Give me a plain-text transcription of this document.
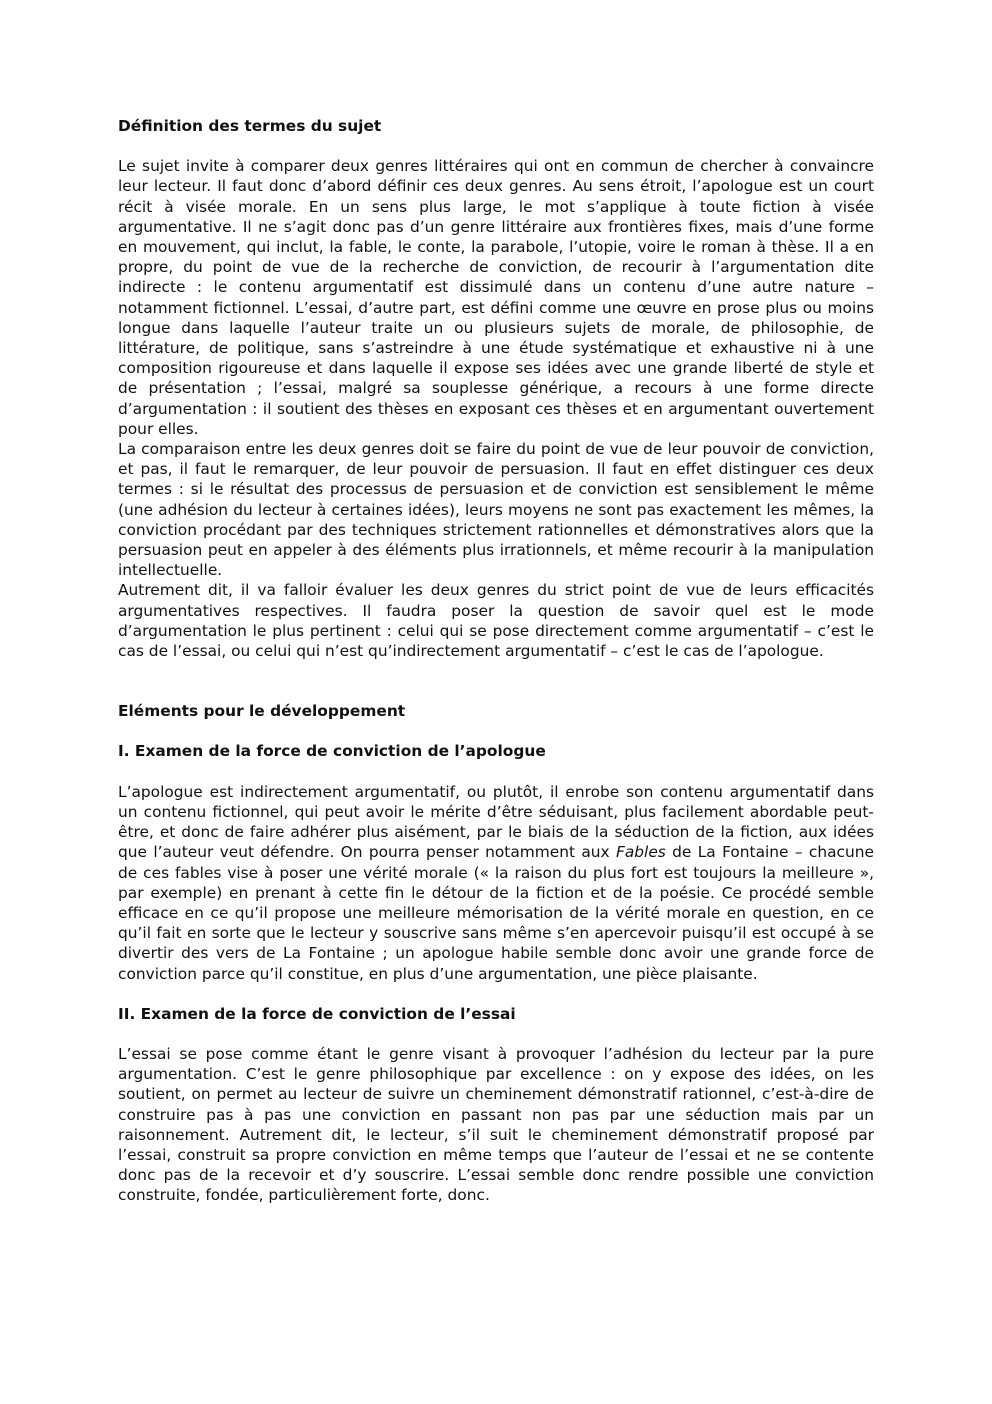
Définition des termes du sujet

Le sujet invite à comparer deux genres littéraires qui ont en commun de chercher à convaincre leur lecteur. Il faut donc d’abord définir ces deux genres. Au sens étroit, l’apologue est un court récit à visée morale. En un sens plus large, le mot s’applique à toute fiction à visée argumentative. Il ne s’agit donc pas d’un genre littéraire aux frontières fixes, mais d’une forme en mouvement, qui inclut, la fable, le conte, la parabole, l’utopie, voire le roman à thèse. Il a en propre, du point de vue de la recherche de conviction, de recourir à l’argumentation dite indirecte : le contenu argumentatif est dissimulé dans un contenu d’une autre nature – notamment fictionnel. L’essai, d’autre part, est défini comme une œuvre en prose plus ou moins longue dans laquelle l’auteur traite un ou plusieurs sujets de morale, de philosophie, de littérature, de politique, sans s’astreindre à une étude systématique et exhaustive ni à une composition rigoureuse et dans laquelle il expose ses idées avec une grande liberté de style et de présentation ; l’essai, malgré sa souplesse générique, a recours à une forme directe d’argumentation : il soutient des thèses en exposant ces thèses et en argumentant ouvertement pour elles.

La comparaison entre les deux genres doit se faire du point de vue de leur pouvoir de conviction, et pas, il faut le remarquer, de leur pouvoir de persuasion. Il faut en effet distinguer ces deux termes : si le résultat des processus de persuasion et de conviction est sensiblement le même (une adhésion du lecteur à certaines idées), leurs moyens ne sont pas exactement les mêmes, la conviction procédant par des techniques strictement rationnelles et démonstratives alors que la persuasion peut en appeler à des éléments plus irrationnels, et même recourir à la manipulation intellectuelle.

Autrement dit, il va falloir évaluer les deux genres du strict point de vue de leurs efficacités argumentatives respectives. Il faudra poser la question de savoir quel est le mode d’argumentation le plus pertinent : celui qui se pose directement comme argumentatif – c’est le cas de l’essai, ou celui qui n’est qu’indirectement argumentatif – c’est le cas de l’apologue.

Eléments pour le développement

I. Examen de la force de conviction de l’apologue

L’apologue est indirectement argumentatif, ou plutôt, il enrobe son contenu argumentatif dans un contenu fictionnel, qui peut avoir le mérite d’être séduisant, plus facilement abordable peut-être, et donc de faire adhérer plus aisément, par le biais de la séduction de la fiction, aux idées que l’auteur veut défendre. On pourra penser notamment aux Fables de La Fontaine – chacune de ces fables vise à poser une vérité morale (« la raison du plus fort est toujours la meilleure », par exemple) en prenant à cette fin le détour de la fiction et de la poésie. Ce procédé semble efficace en ce qu’il propose une meilleure mémorisation de la vérité morale en question, en ce qu’il fait en sorte que le lecteur y souscrive sans même s’en apercevoir puisqu’il est occupé à se divertir des vers de La Fontaine ; un apologue habile semble donc avoir une grande force de conviction parce qu’il constitue, en plus d’une argumentation, une pièce plaisante.

II. Examen de la force de conviction de l’essai

L’essai se pose comme étant le genre visant à provoquer l’adhésion du lecteur par la pure argumentation. C’est le genre philosophique par excellence : on y expose des idées, on les soutient, on permet au lecteur de suivre un cheminement démonstratif rationnel, c’est-à-dire de construire pas à pas une conviction en passant non pas par une séduction mais par un raisonnement. Autrement dit, le lecteur, s’il suit le cheminement démonstratif proposé par l’essai, construit sa propre conviction en même temps que l’auteur de l’essai et ne se contente donc pas de la recevoir et d’y souscrire. L’essai semble donc rendre possible une conviction construite, fondée, particulièrement forte, donc.
